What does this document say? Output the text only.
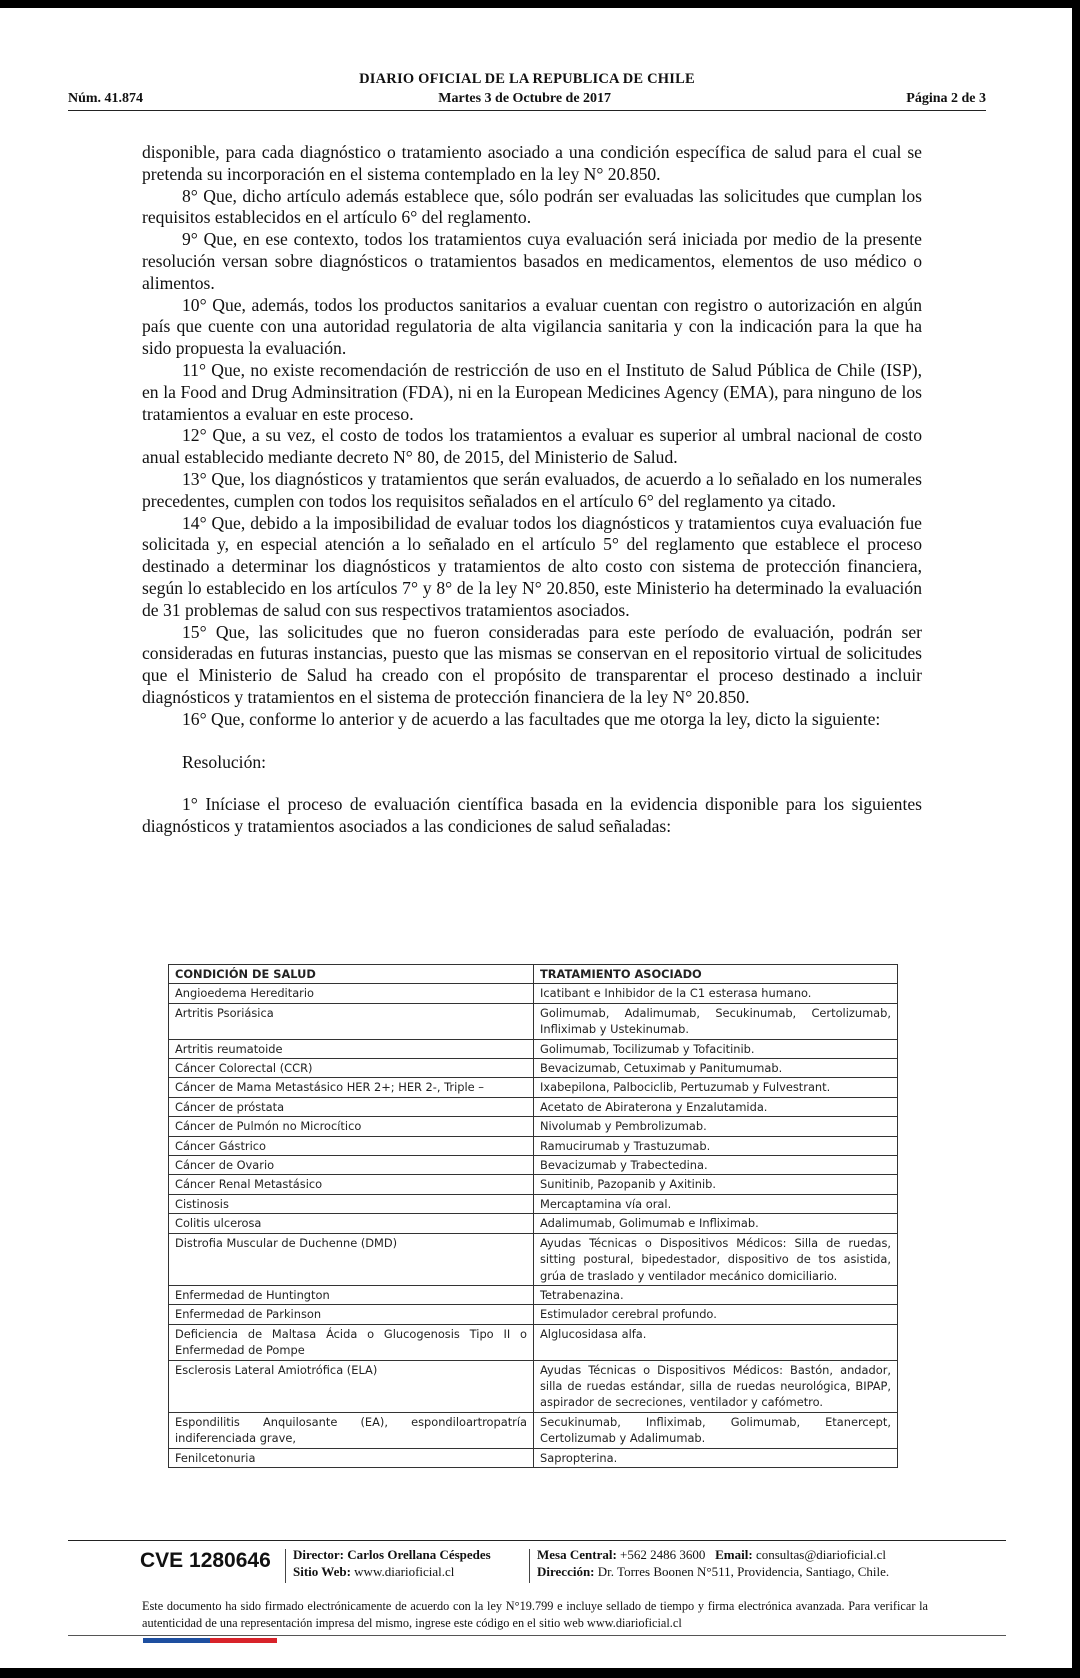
DIARIO OFICIAL DE LA REPUBLICA DE CHILE
Núm. 41.874	Martes 3 de Octubre de 2017	Página 2 de 3

disponible, para cada diagnóstico o tratamiento asociado a una condición específica de salud para el cual se pretenda su incorporación en el sistema contemplado en la ley N° 20.850.

8° Que, dicho artículo además establece que, sólo podrán ser evaluadas las solicitudes que cumplan los requisitos establecidos en el artículo 6° del reglamento.

9° Que, en ese contexto, todos los tratamientos cuya evaluación será iniciada por medio de la presente resolución versan sobre diagnósticos o tratamientos basados en medicamentos, elementos de uso médico o alimentos.

10° Que, además, todos los productos sanitarios a evaluar cuentan con registro o autorización en algún país que cuente con una autoridad regulatoria de alta vigilancia sanitaria y con la indicación para la que ha sido propuesta la evaluación.

11° Que, no existe recomendación de restricción de uso en el Instituto de Salud Pública de Chile (ISP), en la Food and Drug Adminsitration (FDA), ni en la European Medicines Agency (EMA), para ninguno de los tratamientos a evaluar en este proceso.

12° Que, a su vez, el costo de todos los tratamientos a evaluar es superior al umbral nacional de costo anual establecido mediante decreto N° 80, de 2015, del Ministerio de Salud.

13° Que, los diagnósticos y tratamientos que serán evaluados, de acuerdo a lo señalado en los numerales precedentes, cumplen con todos los requisitos señalados en el artículo 6° del reglamento ya citado.

14° Que, debido a la imposibilidad de evaluar todos los diagnósticos y tratamientos cuya evaluación fue solicitada y, en especial atención a lo señalado en el artículo 5° del reglamento que establece el proceso destinado a determinar los diagnósticos y tratamientos de alto costo con sistema de protección financiera, según lo establecido en los artículos 7° y 8° de la ley N° 20.850, este Ministerio ha determinado la evaluación de 31 problemas de salud con sus respectivos tratamientos asociados.

15° Que, las solicitudes que no fueron consideradas para este período de evaluación, podrán ser consideradas en futuras instancias, puesto que las mismas se conservan en el repositorio virtual de solicitudes que el Ministerio de Salud ha creado con el propósito de transparentar el proceso destinado a incluir diagnósticos y tratamientos en el sistema de protección financiera de la ley N° 20.850.

16° Que, conforme lo anterior y de acuerdo a las facultades que me otorga la ley, dicto la siguiente:

Resolución:

1° Iníciase el proceso de evaluación científica basada en la evidencia disponible para los siguientes diagnósticos y tratamientos asociados a las condiciones de salud señaladas:

CONDICIÓN DE SALUD	TRATAMIENTO ASOCIADO
Angioedema Hereditario	Icatibant e Inhibidor de la C1 esterasa humano.
Artritis Psoriásica	Golimumab, Adalimumab, Secukinumab, Certolizumab, Infliximab y Ustekinumab.
Artritis reumatoide	Golimumab, Tocilizumab y Tofacitinib.
Cáncer Colorectal (CCR)	Bevacizumab, Cetuximab y Panitumumab.
Cáncer de Mama Metastásico HER 2+; HER 2-, Triple –	Ixabepilona, Palbociclib, Pertuzumab y Fulvestrant.
Cáncer de próstata	Acetato de Abiraterona y Enzalutamida.
Cáncer de Pulmón no Microcítico	Nivolumab y Pembrolizumab.
Cáncer Gástrico	Ramucirumab y Trastuzumab.
Cáncer de Ovario	Bevacizumab y Trabectedina.
Cáncer Renal Metastásico	Sunitinib, Pazopanib y Axitinib.
Cistinosis	Mercaptamina vía oral.
Colitis ulcerosa	Adalimumab, Golimumab e Infliximab.
Distrofia Muscular de Duchenne (DMD)	Ayudas Técnicas o Dispositivos Médicos: Silla de ruedas, sitting postural, bipedestador, dispositivo de tos asistida, grúa de traslado y ventilador mecánico domiciliario.
Enfermedad de Huntington	Tetrabenazina.
Enfermedad de Parkinson	Estimulador cerebral profundo.
Deficiencia de Maltasa Ácida o Glucogenosis Tipo II o Enfermedad de Pompe	Alglucosidasa alfa.
Esclerosis Lateral Amiotrófica (ELA)	Ayudas Técnicas o Dispositivos Médicos: Bastón, andador, silla de ruedas estándar, silla de ruedas neurológica, BIPAP, aspirador de secreciones, ventilador y cafómetro.
Espondilitis Anquilosante (EA), espondiloartropatría indiferenciada grave,	Secukinumab, Infliximab, Golimumab, Etanercept, Certolizumab y Adalimumab.
Fenilcetonuria	Sapropterina.
CVE 1280646 Director: Carlos Orellana Céspedes
Sitio Web: www.diarioficial.cl
Mesa Central: +562 2486 3600 Email: consultas@diarioficial.cl
Dirección: Dr. Torres Boonen N°511, Providencia, Santiago, Chile.
Este documento ha sido firmado electrónicamente de acuerdo con la ley N°19.799 e incluye sellado de tiempo y firma electrónica avanzada. Para verificar la autenticidad de una representación impresa del mismo, ingrese este código en el sitio web www.diarioficial.cl
